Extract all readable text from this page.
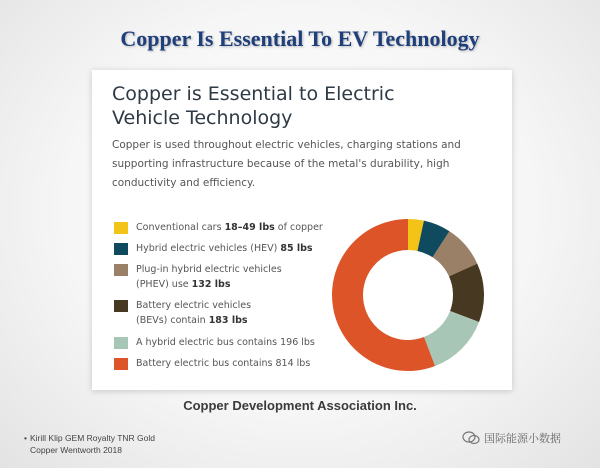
Copper Is Essential To EV Technology
Copper is Essential to Electric
Vehicle Technology
Copper is used throughout electric vehicles, charging stations and supporting infrastructure because of the metal's durability, high conductivity and efficiency.
Conventional cars 18–49 lbs of copper
Hybrid electric vehicles (HEV) 85 lbs
Plug-in hybrid electric vehicles (PHEV) use 132 lbs
Battery electric vehicles (BEVs) contain 183 lbs
A hybrid electric bus contains 196 lbs
Battery electric bus contains 814 lbs
Copper Development Association Inc.
• Kirill Klip GEM Royalty TNR Gold
Copper Wentworth 2018
国际能源小数据
